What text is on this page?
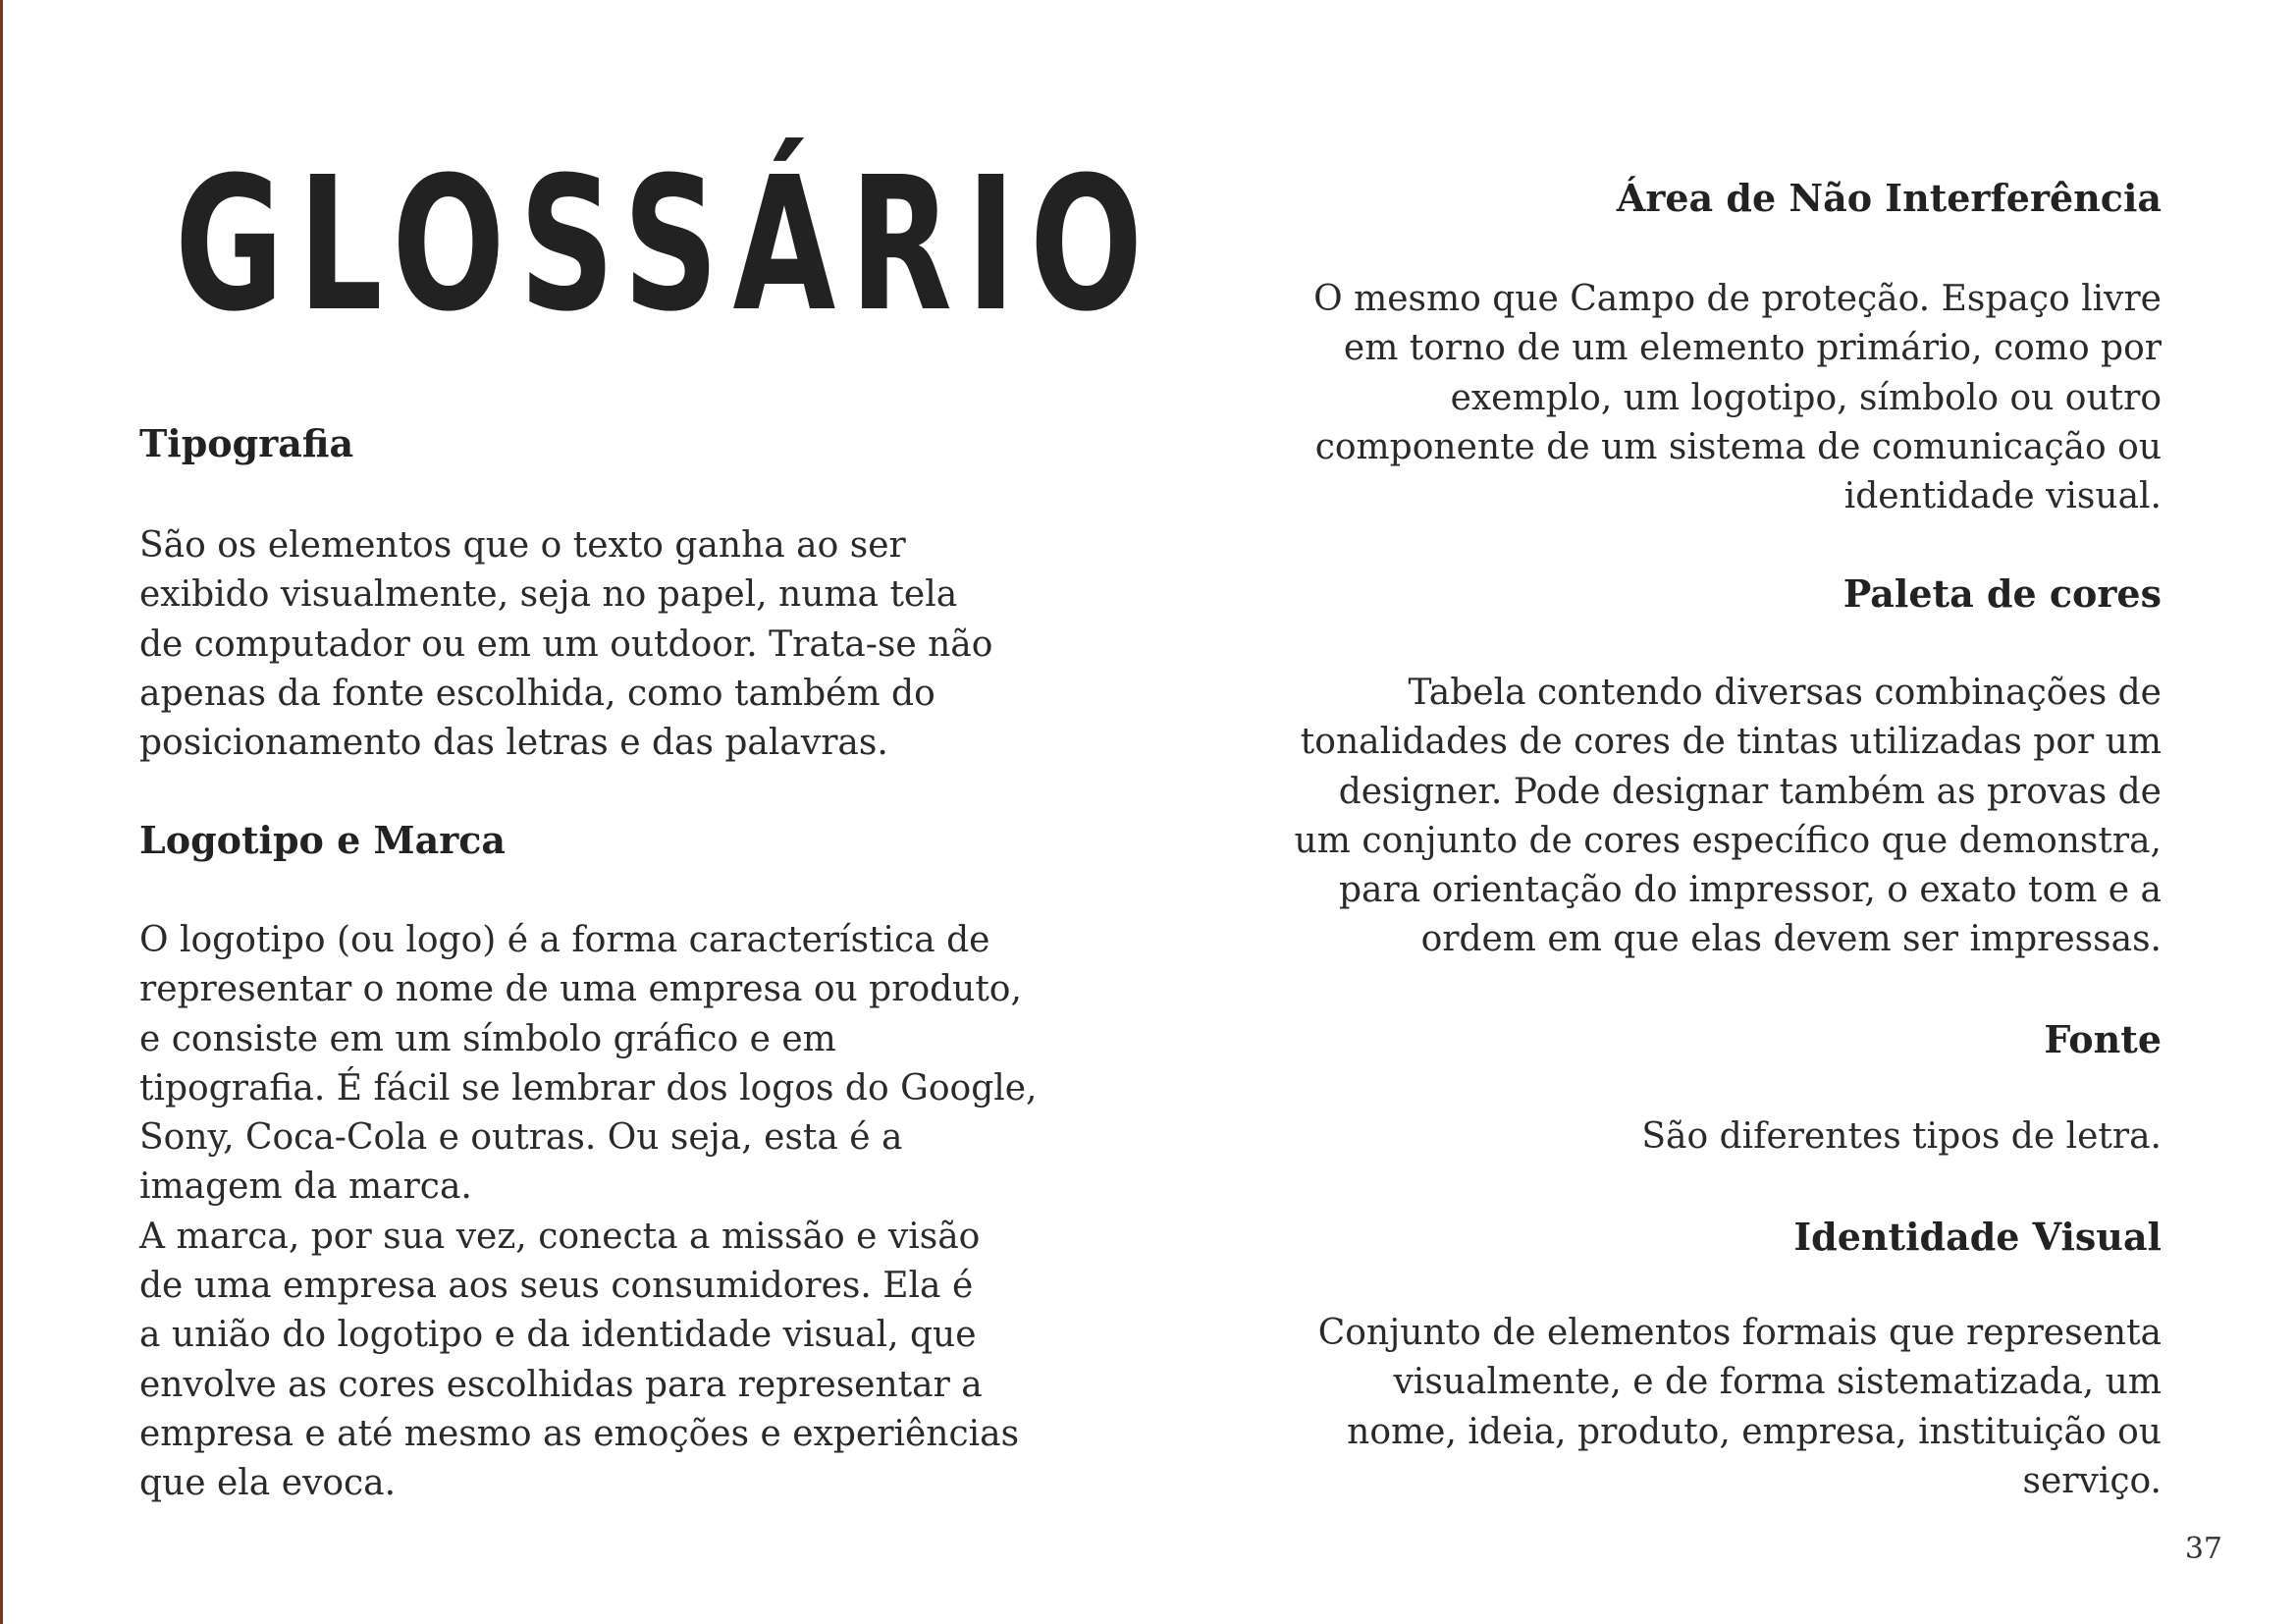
GLOSSÁRIO
Tipografia

São os elementos que o texto ganha ao ser
exibido visualmente, seja no papel, numa tela
de computador ou em um outdoor. Trata-se não
apenas da fonte escolhida, como também do
posicionamento das letras e das palavras.

Logotipo e Marca

O logotipo (ou logo) é a forma característica de
representar o nome de uma empresa ou produto,
e consiste em um símbolo gráfico e em
tipografia. É fácil se lembrar dos logos do Google,
Sony, Coca-Cola e outras. Ou seja, esta é a
imagem da marca.
A marca, por sua vez, conecta a missão e visão
de uma empresa aos seus consumidores. Ela é
a união do logotipo e da identidade visual, que
envolve as cores escolhidas para representar a
empresa e até mesmo as emoções e experiências
que ela evoca.

Área de Não Interferência

O mesmo que Campo de proteção. Espaço livre
em torno de um elemento primário, como por
exemplo, um logotipo, símbolo ou outro
componente de um sistema de comunicação ou
identidade visual.

Paleta de cores

Tabela contendo diversas combinações de
tonalidades de cores de tintas utilizadas por um
designer. Pode designar também as provas de
um conjunto de cores específico que demonstra,
para orientação do impressor, o exato tom e a
ordem em que elas devem ser impressas.

Fonte

São diferentes tipos de letra.

Identidade Visual

Conjunto de elementos formais que representa
visualmente, e de forma sistematizada, um
nome, ideia, produto, empresa, instituição ou
serviço.

37
